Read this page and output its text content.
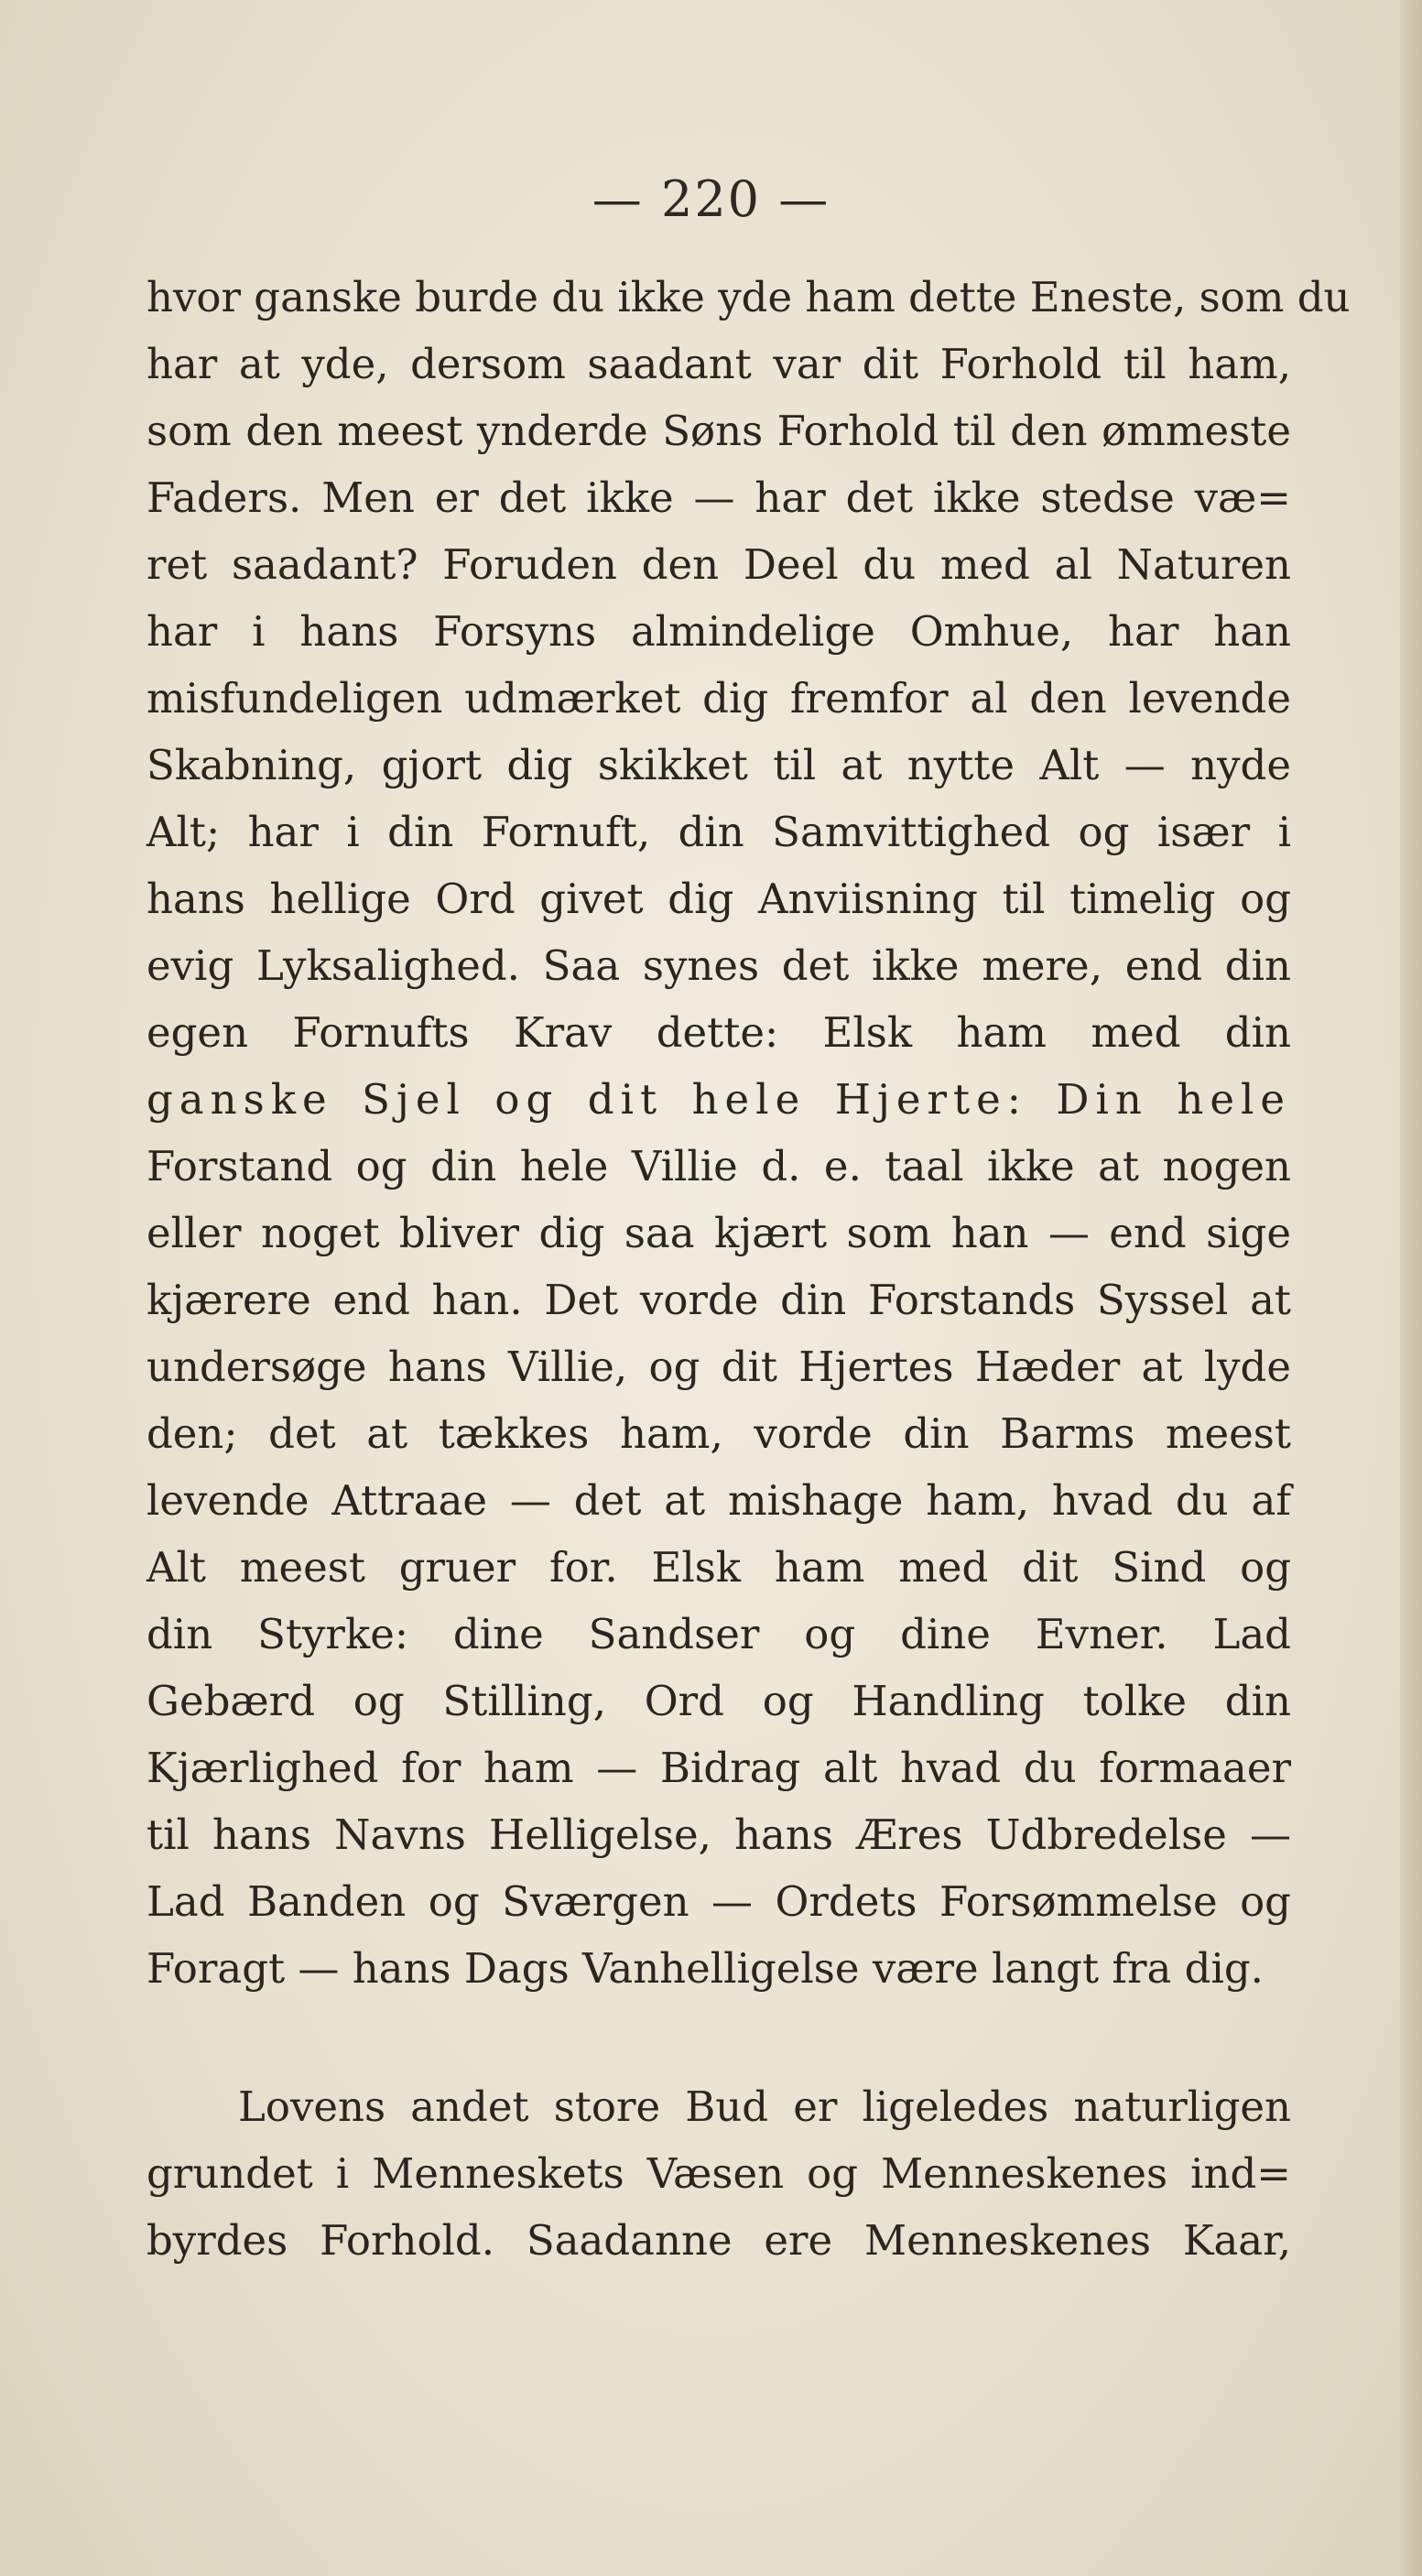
— 220 —
hvor ganske burde du ikke yde ham dette Eneste, som du
har at yde, dersom saadant var dit Forhold til ham,
som den meest ynderde Søns Forhold til den ømmeste
Faders. Men er det ikke — har det ikke stedse væ=
ret saadant? Foruden den Deel du med al Naturen
har i hans Forsyns almindelige Omhue, har han
misfundeligen udmærket dig fremfor al den levende
Skabning, gjort dig skikket til at nytte Alt — nyde
Alt; har i din Fornuft, din Samvittighed og især i
hans hellige Ord givet dig Anviisning til timelig og
evig Lyksalighed. Saa synes det ikke mere, end din
egen Fornufts Krav dette: Elsk ham med din
ganske Sjel og dit hele Hjerte: Din hele
Forstand og din hele Villie d. e. taal ikke at nogen
eller noget bliver dig saa kjært som han — end sige
kjærere end han. Det vorde din Forstands Syssel at
undersøge hans Villie, og dit Hjertes Hæder at lyde
den; det at tækkes ham, vorde din Barms meest
levende Attraae — det at mishage ham, hvad du af
Alt meest gruer for. Elsk ham med dit Sind og
din Styrke: dine Sandser og dine Evner. Lad
Gebærd og Stilling, Ord og Handling tolke din
Kjærlighed for ham — Bidrag alt hvad du formaaer
til hans Navns Helligelse, hans Æres Udbredelse —
Lad Banden og Sværgen — Ordets Forsømmelse og
Foragt — hans Dags Vanhelligelse være langt fra dig.
Lovens andet store Bud er ligeledes naturligen
grundet i Menneskets Væsen og Menneskenes ind=
byrdes Forhold. Saadanne ere Menneskenes Kaar,
